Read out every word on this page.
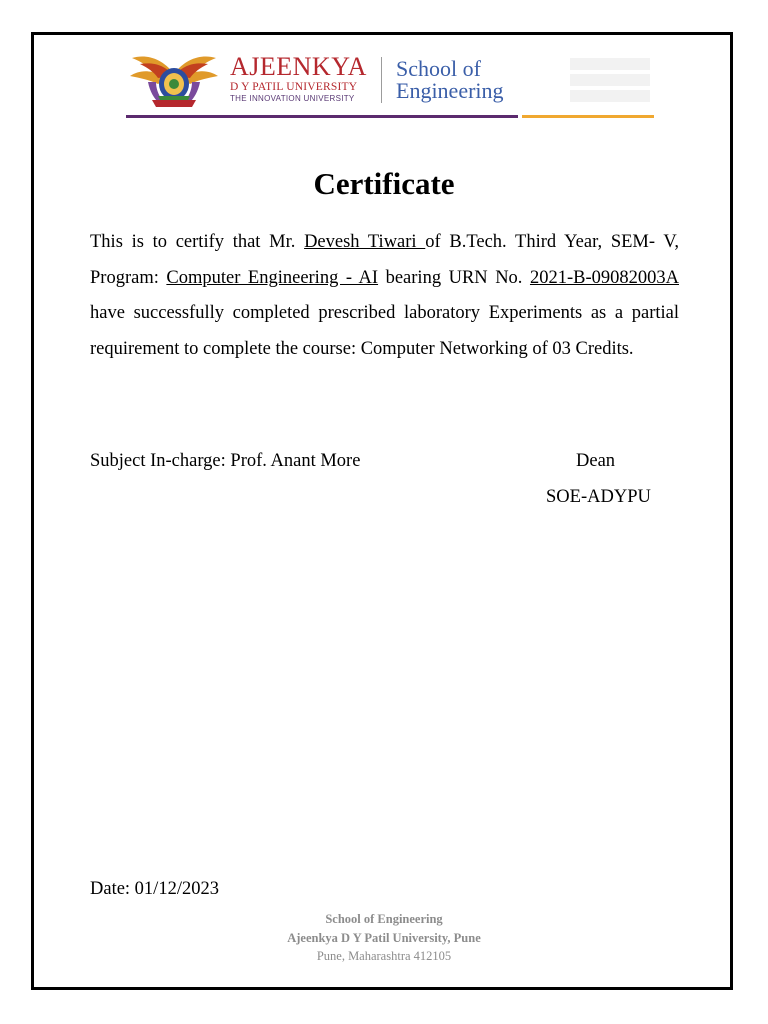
AJEENKYA
D Y PATIL UNIVERSITY
THE INNOVATION UNIVERSITY
School of
Engineering
Certificate

This is to certify that Mr. Devesh Tiwari of B.Tech. Third Year, SEM- V, Program: Computer Engineering - AI bearing URN No. 2021-B-09082003A have successfully completed prescribed laboratory Experiments as a partial requirement to complete the course: Computer Networking of 03 Credits.

Subject In-charge: Prof. Anant More	Dean
SOE-ADYPU
Date: 01/12/2023
School of Engineering
Ajeenkya D Y Patil University, Pune
Pune, Maharashtra 412105
